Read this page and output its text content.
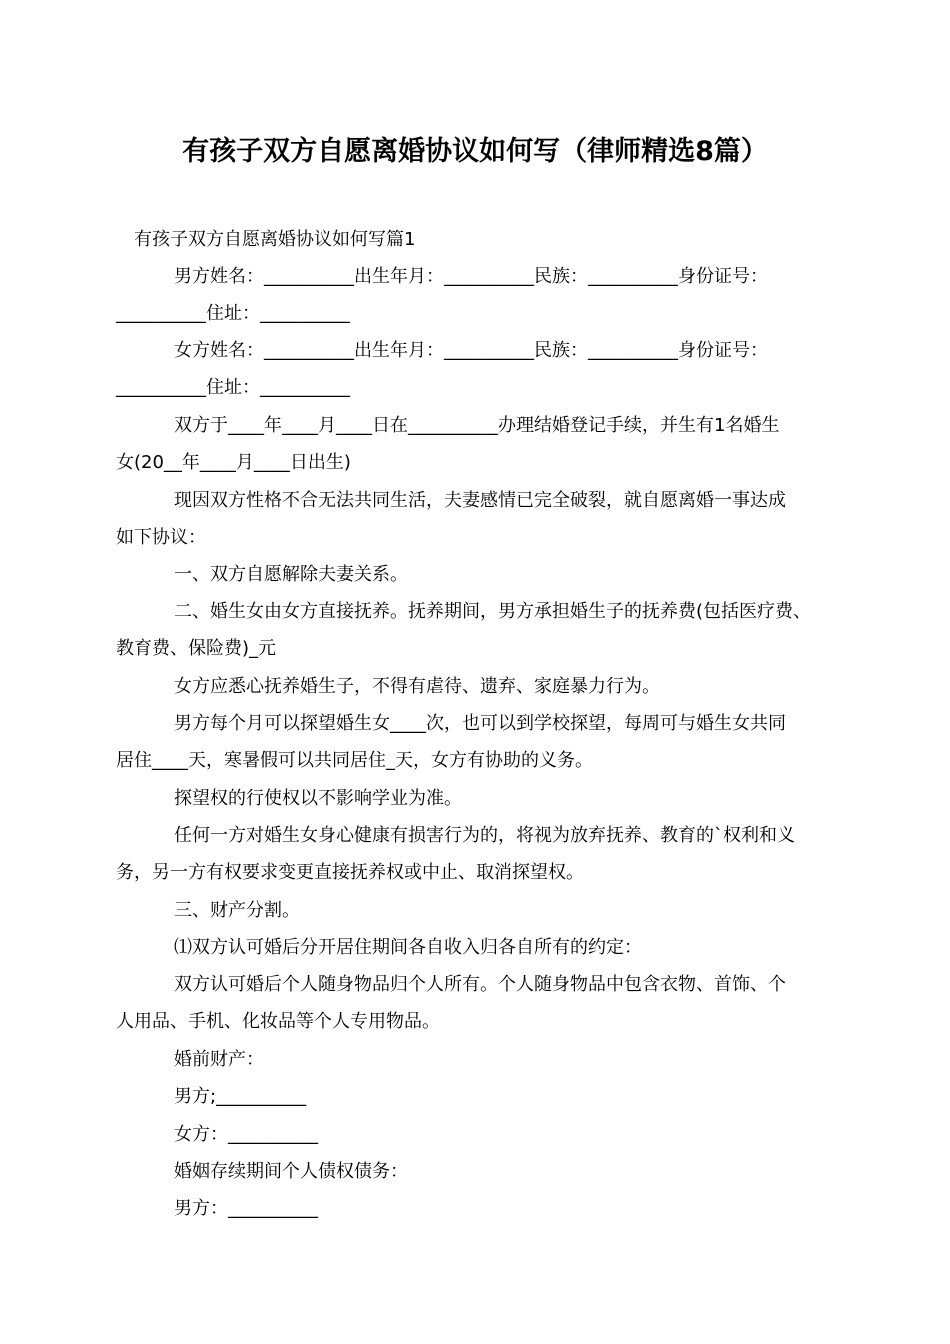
有孩子双方自愿离婚协议如何写（律师精选8篇）
有孩子双方自愿离婚协议如何写篇1
男方姓名：__________出生年月：__________民族：__________身份证号：
__________住址：__________
女方姓名：__________出生年月：__________民族：__________身份证号：
__________住址：__________
双方于____年____月____日在__________办理结婚登记手续，并生有1名婚生
女(20__年____月____日出生)
现因双方性格不合无法共同生活，夫妻感情已完全破裂，就自愿离婚一事达成
如下协议：
一、双方自愿解除夫妻关系。
二、婚生女由女方直接抚养。抚养期间，男方承担婚生子的抚养费(包括医疗费、
教育费、保险费)_元
女方应悉心抚养婚生子，不得有虐待、遗弃、家庭暴力行为。
男方每个月可以探望婚生女____次，也可以到学校探望，每周可与婚生女共同
居住____天，寒暑假可以共同居住_天，女方有协助的义务。
探望权的行使权以不影响学业为准。
任何一方对婚生女身心健康有损害行为的，将视为放弃抚养、教育的`权利和义
务，另一方有权要求变更直接抚养权或中止、取消探望权。
三、财产分割。
⑴双方认可婚后分开居住期间各自收入归各自所有的约定：
双方认可婚后个人随身物品归个人所有。个人随身物品中包含衣物、首饰、个
人用品、手机、化妆品等个人专用物品。
婚前财产：
男方;__________
女方：__________
婚姻存续期间个人债权债务：
男方：__________
